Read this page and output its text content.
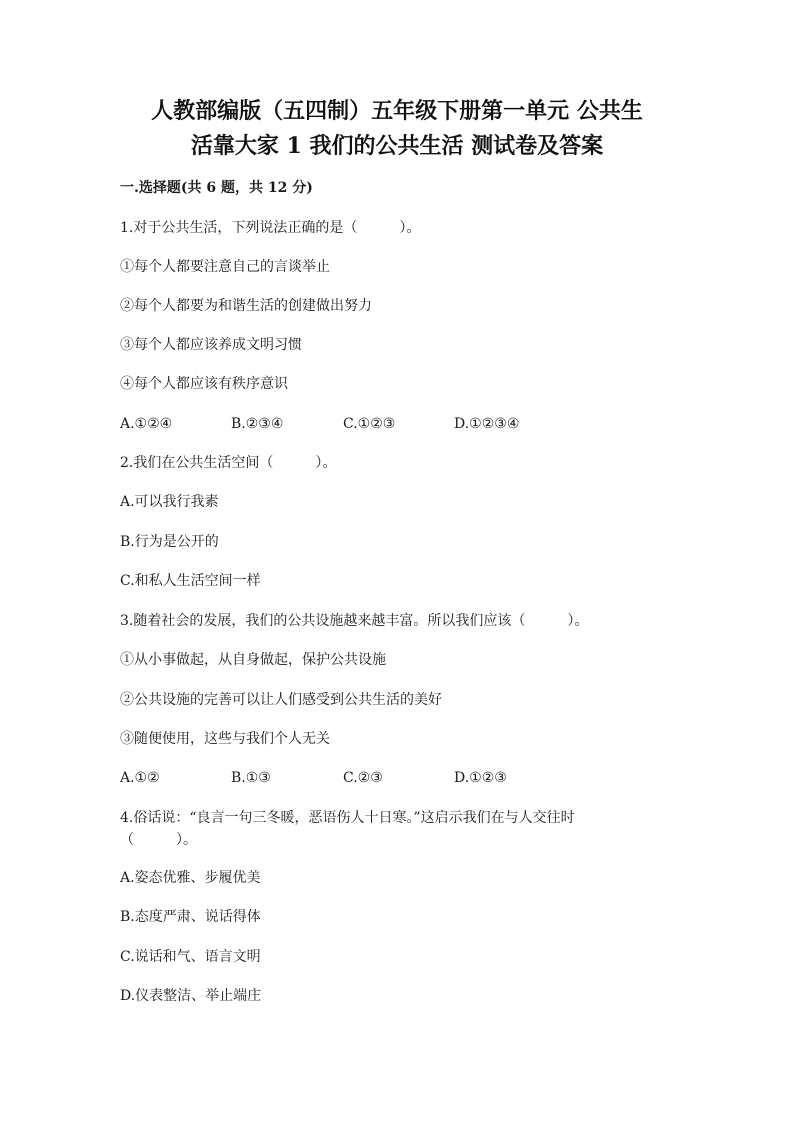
人教部编版（五四制）五年级下册第一单元 公共生
活靠大家 1 我们的公共生活 测试卷及答案
一.选择题(共 6 题，共 12 分)
1.对于公共生活，下列说法正确的是（　　　）。
①每个人都要注意自己的言谈举止
②每个人都要为和谐生活的创建做出努力
③每个人都应该养成文明习惯
④每个人都应该有秩序意识
A.①②④	B.②③④	C.①②③	D.①②③④
2.我们在公共生活空间（　　　）。
A.可以我行我素
B.行为是公开的
C.和私人生活空间一样
3.随着社会的发展，我们的公共设施越来越丰富。所以我们应该（　　　）。
①从小事做起，从自身做起，保护公共设施
②公共设施的完善可以让人们感受到公共生活的美好
③随便使用，这些与我们个人无关
A.①②	B.①③	C.②③	D.①②③
4.俗话说：“良言一句三冬暖，恶语伤人十日寒。”这启示我们在与人交往时
（　　　）。
A.姿态优雅、步履优美
B.态度严肃、说话得体
C.说话和气、语言文明
D.仪表整洁、举止端庄
